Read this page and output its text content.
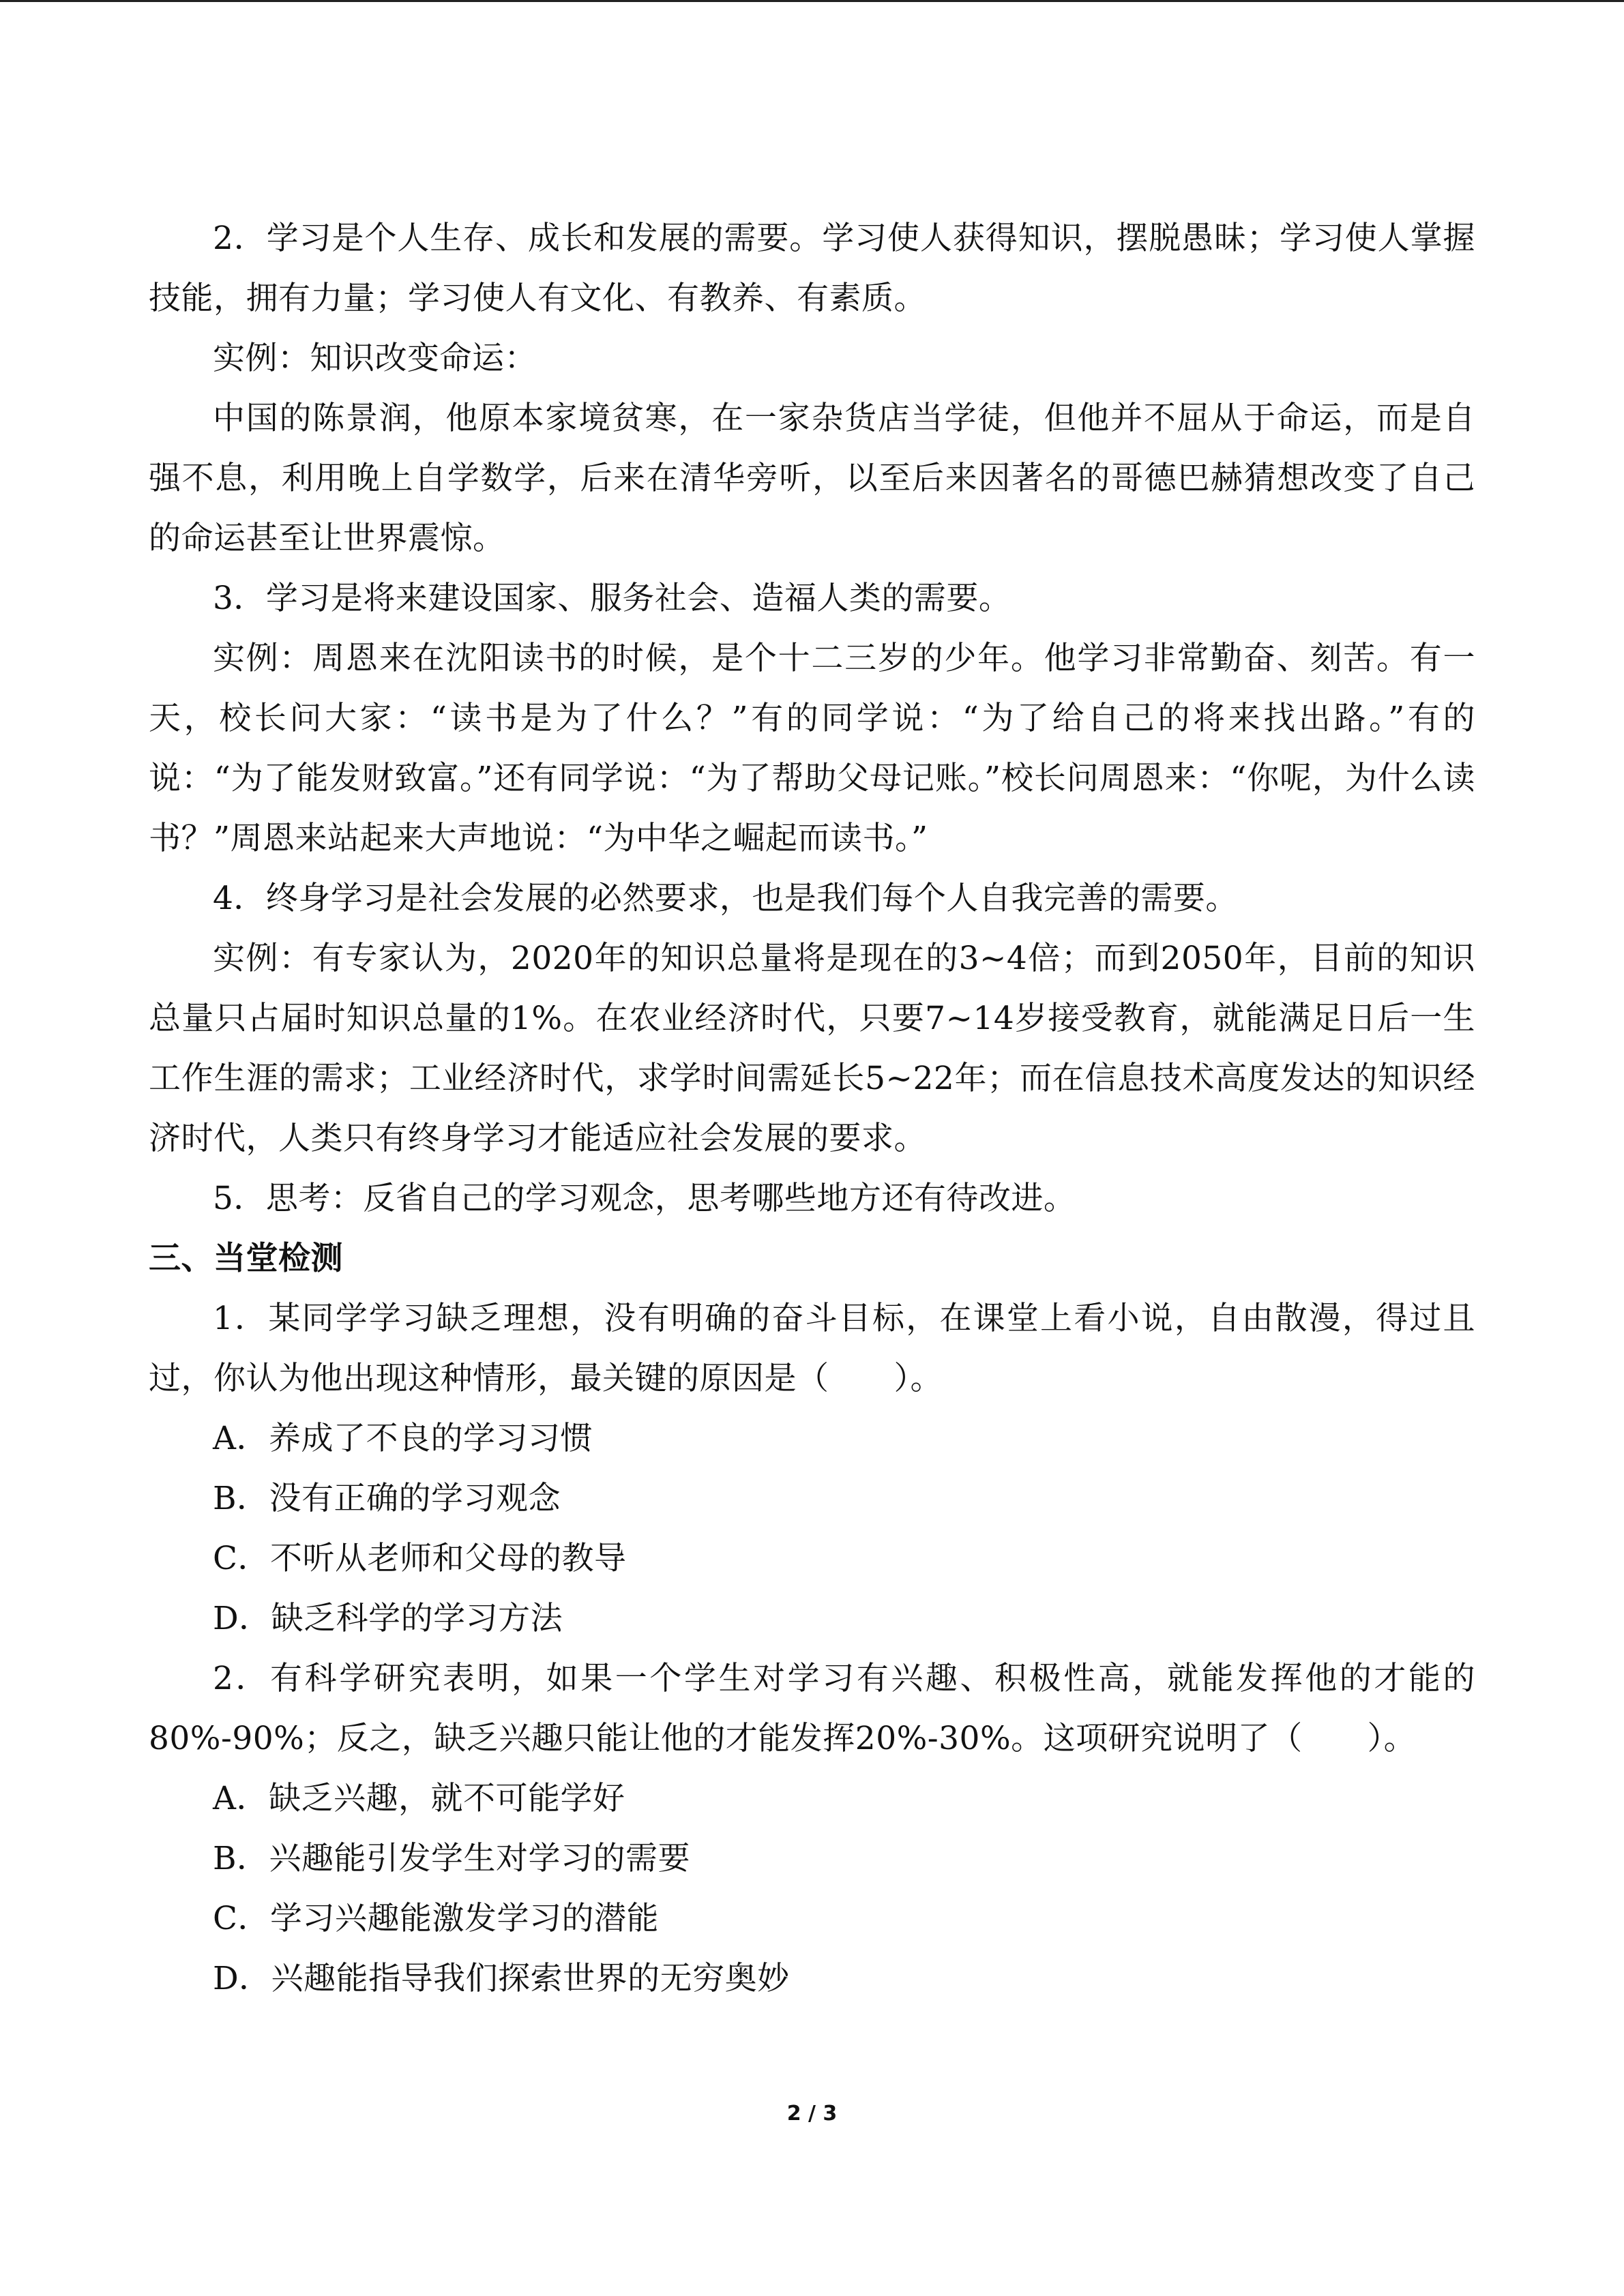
2．学习是个人生存、成长和发展的需要。学习使人获得知识，摆脱愚昧；学习使人掌握技能，拥有力量；学习使人有文化、有教养、有素质。

实例：知识改变命运：

中国的陈景润，他原本家境贫寒，在一家杂货店当学徒，但他并不屈从于命运，而是自强不息，利用晚上自学数学，后来在清华旁听，以至后来因著名的哥德巴赫猜想改变了自己的命运甚至让世界震惊。

3．学习是将来建设国家、服务社会、造福人类的需要。

实例：周恩来在沈阳读书的时候，是个十二三岁的少年。他学习非常勤奋、刻苦。有一天，校长问大家：“读书是为了什么？”有的同学说：“为了给自己的将来找出路。”有的说：“为了能发财致富。”还有同学说：“为了帮助父母记账。”校长问周恩来：“你呢，为什么读书？”周恩来站起来大声地说：“为中华之崛起而读书。”

4．终身学习是社会发展的必然要求，也是我们每个人自我完善的需要。

实例：有专家认为，2020年的知识总量将是现在的3~4倍；而到2050年，目前的知识总量只占届时知识总量的1%。在农业经济时代，只要7~14岁接受教育，就能满足日后一生工作生涯的需求；工业经济时代，求学时间需延长5~22年；而在信息技术高度发达的知识经济时代，人类只有终身学习才能适应社会发展的要求。

5．思考：反省自己的学习观念，思考哪些地方还有待改进。

三、当堂检测

1．某同学学习缺乏理想，没有明确的奋斗目标，在课堂上看小说，自由散漫，得过且过，你认为他出现这种情形，最关键的原因是（　　）。

A．养成了不良的学习习惯

B．没有正确的学习观念

C．不听从老师和父母的教导

D．缺乏科学的学习方法

2．有科学研究表明，如果一个学生对学习有兴趣、积极性高，就能发挥他的才能的80%-90%；反之，缺乏兴趣只能让他的才能发挥20%-30%。这项研究说明了（　　）。

A．缺乏兴趣，就不可能学好

B．兴趣能引发学生对学习的需要

C．学习兴趣能激发学习的潜能

D．兴趣能指导我们探索世界的无穷奥妙

2 / 3
